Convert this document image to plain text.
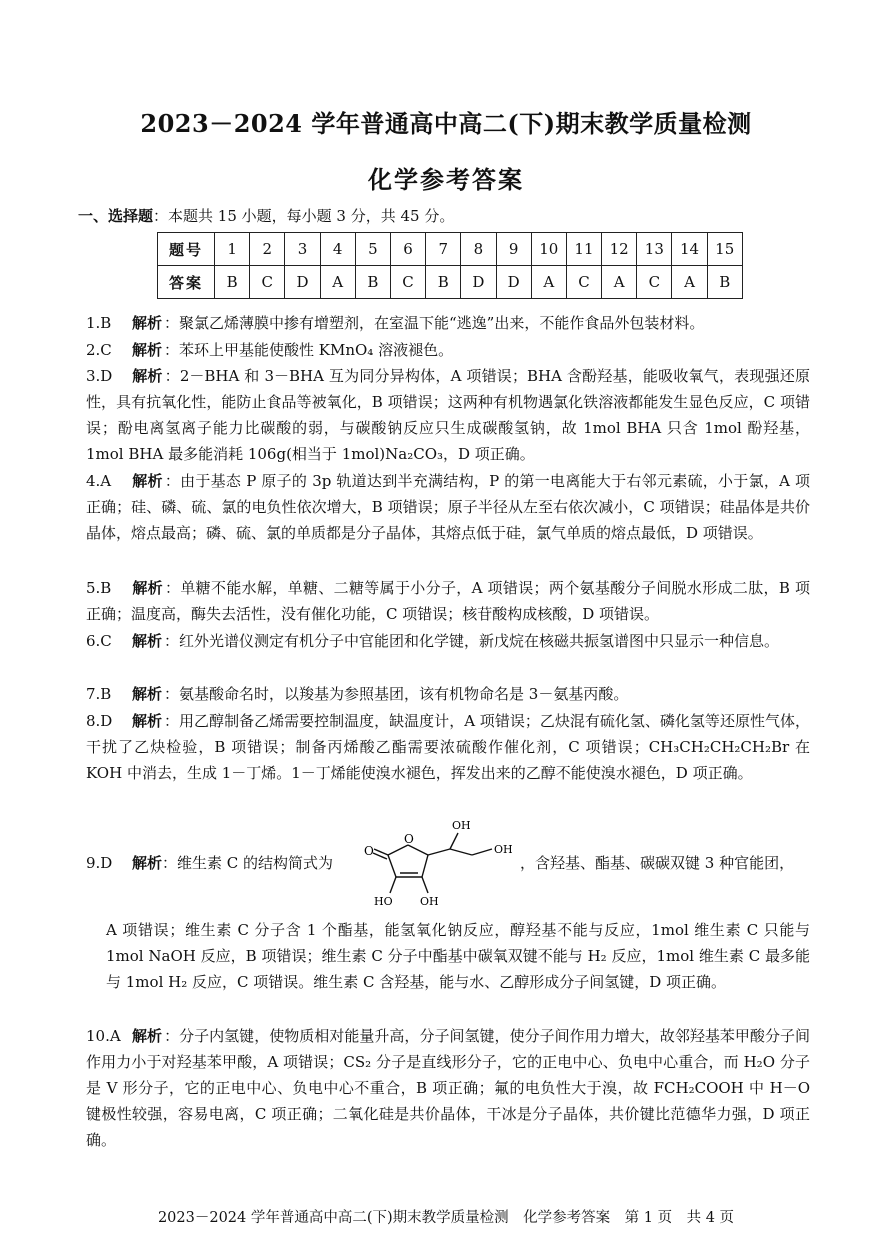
2023－2024 学年普通高中高二(下)期末教学质量检测
化学参考答案
一、选择题：本题共 15 小题，每小题 3 分，共 45 分。
题号	1	2	3	4	5	6	7	8	9	10	11	12	13	14	15
答案	B	C	D	A	B	C	B	D	D	A	C	A	C	A	B
1.B 解析 ：聚氯乙烯薄膜中掺有增塑剂，在室温下能“逃逸”出来，不能作食品外包装材料。
2.C 解析 ：苯环上甲基能使酸性 KMnO₄ 溶液褪色。
3.D 解析 ：2－BHA 和 3－BHA 互为同分异构体，A 项错误；BHA 含酚羟基，能吸收氧气，表现强还原性，具有抗氧化性，能防止食品等被氧化，B 项错误；这两种有机物遇氯化铁溶液都能发生显色反应，C 项错误；酚电离氢离子能力比碳酸的弱，与碳酸钠反应只生成碳酸氢钠，故 1mol BHA 只含 1mol 酚羟基，1mol BHA 最多能消耗 106g(相当于 1mol)Na₂CO₃，D 项正确。
4.A 解析 ：由于基态 P 原子的 3p 轨道达到半充满结构，P 的第一电离能大于右邻元素硫，小于氯，A 项正确；硅、磷、硫、氯的电负性依次增大，B 项错误；原子半径从左至右依次减小，C 项错误；硅晶体是共价晶体，熔点最高；磷、硫、氯的单质都是分子晶体，其熔点低于硅，氯气单质的熔点最低，D 项错误。
5.B 解析 ：单糖不能水解，单糖、二糖等属于小分子，A 项错误；两个氨基酸分子间脱水形成二肽，B 项正确；温度高，酶失去活性，没有催化功能，C 项错误；核苷酸构成核酸，D 项错误。
6.C 解析 ：红外光谱仪测定有机分子中官能团和化学键，新戊烷在核磁共振氢谱图中只显示一种信息。
7.B 解析 ：氨基酸命名时，以羧基为参照基团，该有机物命名是 3－氨基丙酸。
8.D 解析 ：用乙醇制备乙烯需要控制温度，缺温度计，A 项错误；乙炔混有硫化氢、磷化氢等还原性气体，干扰了乙炔检验，B 项错误；制备丙烯酸乙酯需要浓硫酸作催化剂，C 项错误；CH₃CH₂CH₂CH₂Br 在 KOH 中消去，生成 1－丁烯。1－丁烯能使溴水褪色，挥发出来的乙醇不能使溴水褪色，D 项正确。
9.D 解析：维生素 C 的结构简式为
O
O
OH
OH
HO OH
，含羟基、酯基、碳碳双键 3 种官能团，
A 项错误；维生素 C 分子含 1 个酯基，能氢氧化钠反应，醇羟基不能与反应，1mol 维生素 C 只能与 1mol NaOH 反应，B 项错误；维生素 C 分子中酯基中碳氧双键不能与 H₂ 反应，1mol 维生素 C 最多能与 1mol H₂ 反应，C 项错误。维生素 C 含羟基，能与水、乙醇形成分子间氢键，D 项正确。
10.A 解析 ：分子内氢键，使物质相对能量升高，分子间氢键，使分子间作用力增大，故邻羟基苯甲酸分子间作用力小于对羟基苯甲酸，A 项错误；CS₂ 分子是直线形分子，它的正电中心、负电中心重合，而 H₂O 分子是 V 形分子，它的正电中心、负电中心不重合，B 项正确；氟的电负性大于溴，故 FCH₂COOH 中 H－O 键极性较强，容易电离，C 项正确；二氧化硅是共价晶体，干冰是分子晶体，共价键比范德华力强，D 项正确。
2023－2024 学年普通高中高二(下)期末教学质量检测　化学参考答案　第 1 页　共 4 页
